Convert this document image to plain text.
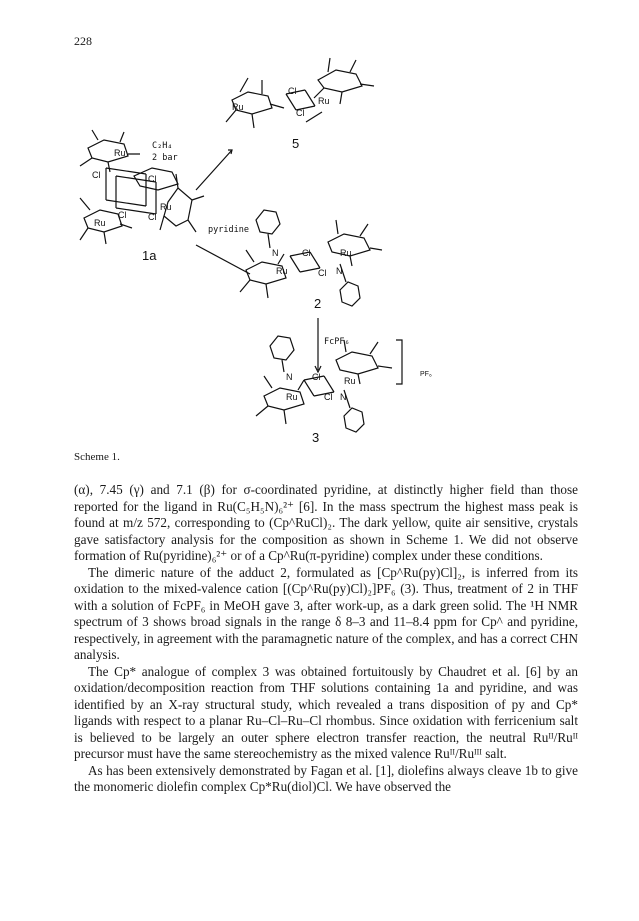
228
Ru
Cl
Cl
Ru
5
C₂H₄
2 bar
Ru
Cl	Cl
Cl
Ru
Cl
Ru
1a
pyridine
N
Ru
Cl
Cl
Ru
N
2
FcPF₆
N
Ru
Cl
Cl
Ru
N
PF₆
3
Scheme 1.

(α), 7.45 (γ) and 7.1 (β) for σ-coordinated pyridine, at distinctly higher field than those reported for the ligand in Ru(C₅H₅N)₆²⁺ [6]. In the mass spectrum the highest mass peak is found at m/z 572, corresponding to (Cp^RuCl)₂. The dark yellow, quite air sensitive, crystals gave satisfactory analysis for the composition as shown in Scheme 1. We did not observe formation of Ru(pyridine)₆²⁺ or of a Cp^Ru(π-pyridine) complex under these conditions.

The dimeric nature of the adduct 2, formulated as [Cp^Ru(py)Cl]₂, is inferred from its oxidation to the mixed-valence cation [(Cp^Ru(py)Cl)₂]PF₆ (3). Thus, treatment of 2 in THF with a solution of FcPF₆ in MeOH gave 3, after work-up, as a dark green solid. The ¹H NMR spectrum of 3 shows broad signals in the range δ 8–3 and 11–8.4 ppm for Cp^ and pyridine, respectively, in agreement with the paramagnetic nature of the complex, and has a correct CHN analysis.

The Cp* analogue of complex 3 was obtained fortuitously by Chaudret et al. [6] by an oxidation/decomposition reaction from THF solutions containing 1a and pyridine, and was identified by an X-ray structural study, which revealed a trans disposition of py and Cp* ligands with respect to a planar Ru–Cl–Ru–Cl rhombus. Since oxidation with ferricenium salt is believed to be largely an outer sphere electron transfer reaction, the neutral Ruᴵᴵ/Ruᴵᴵ precursor must have the same stereochemistry as the mixed valence Ruᴵᴵ/Ruᴵᴵᴵ salt.

As has been extensively demonstrated by Fagan et al. [1], diolefins always cleave 1b to give the monomeric diolefin complex Cp*Ru(diol)Cl. We have observed the
